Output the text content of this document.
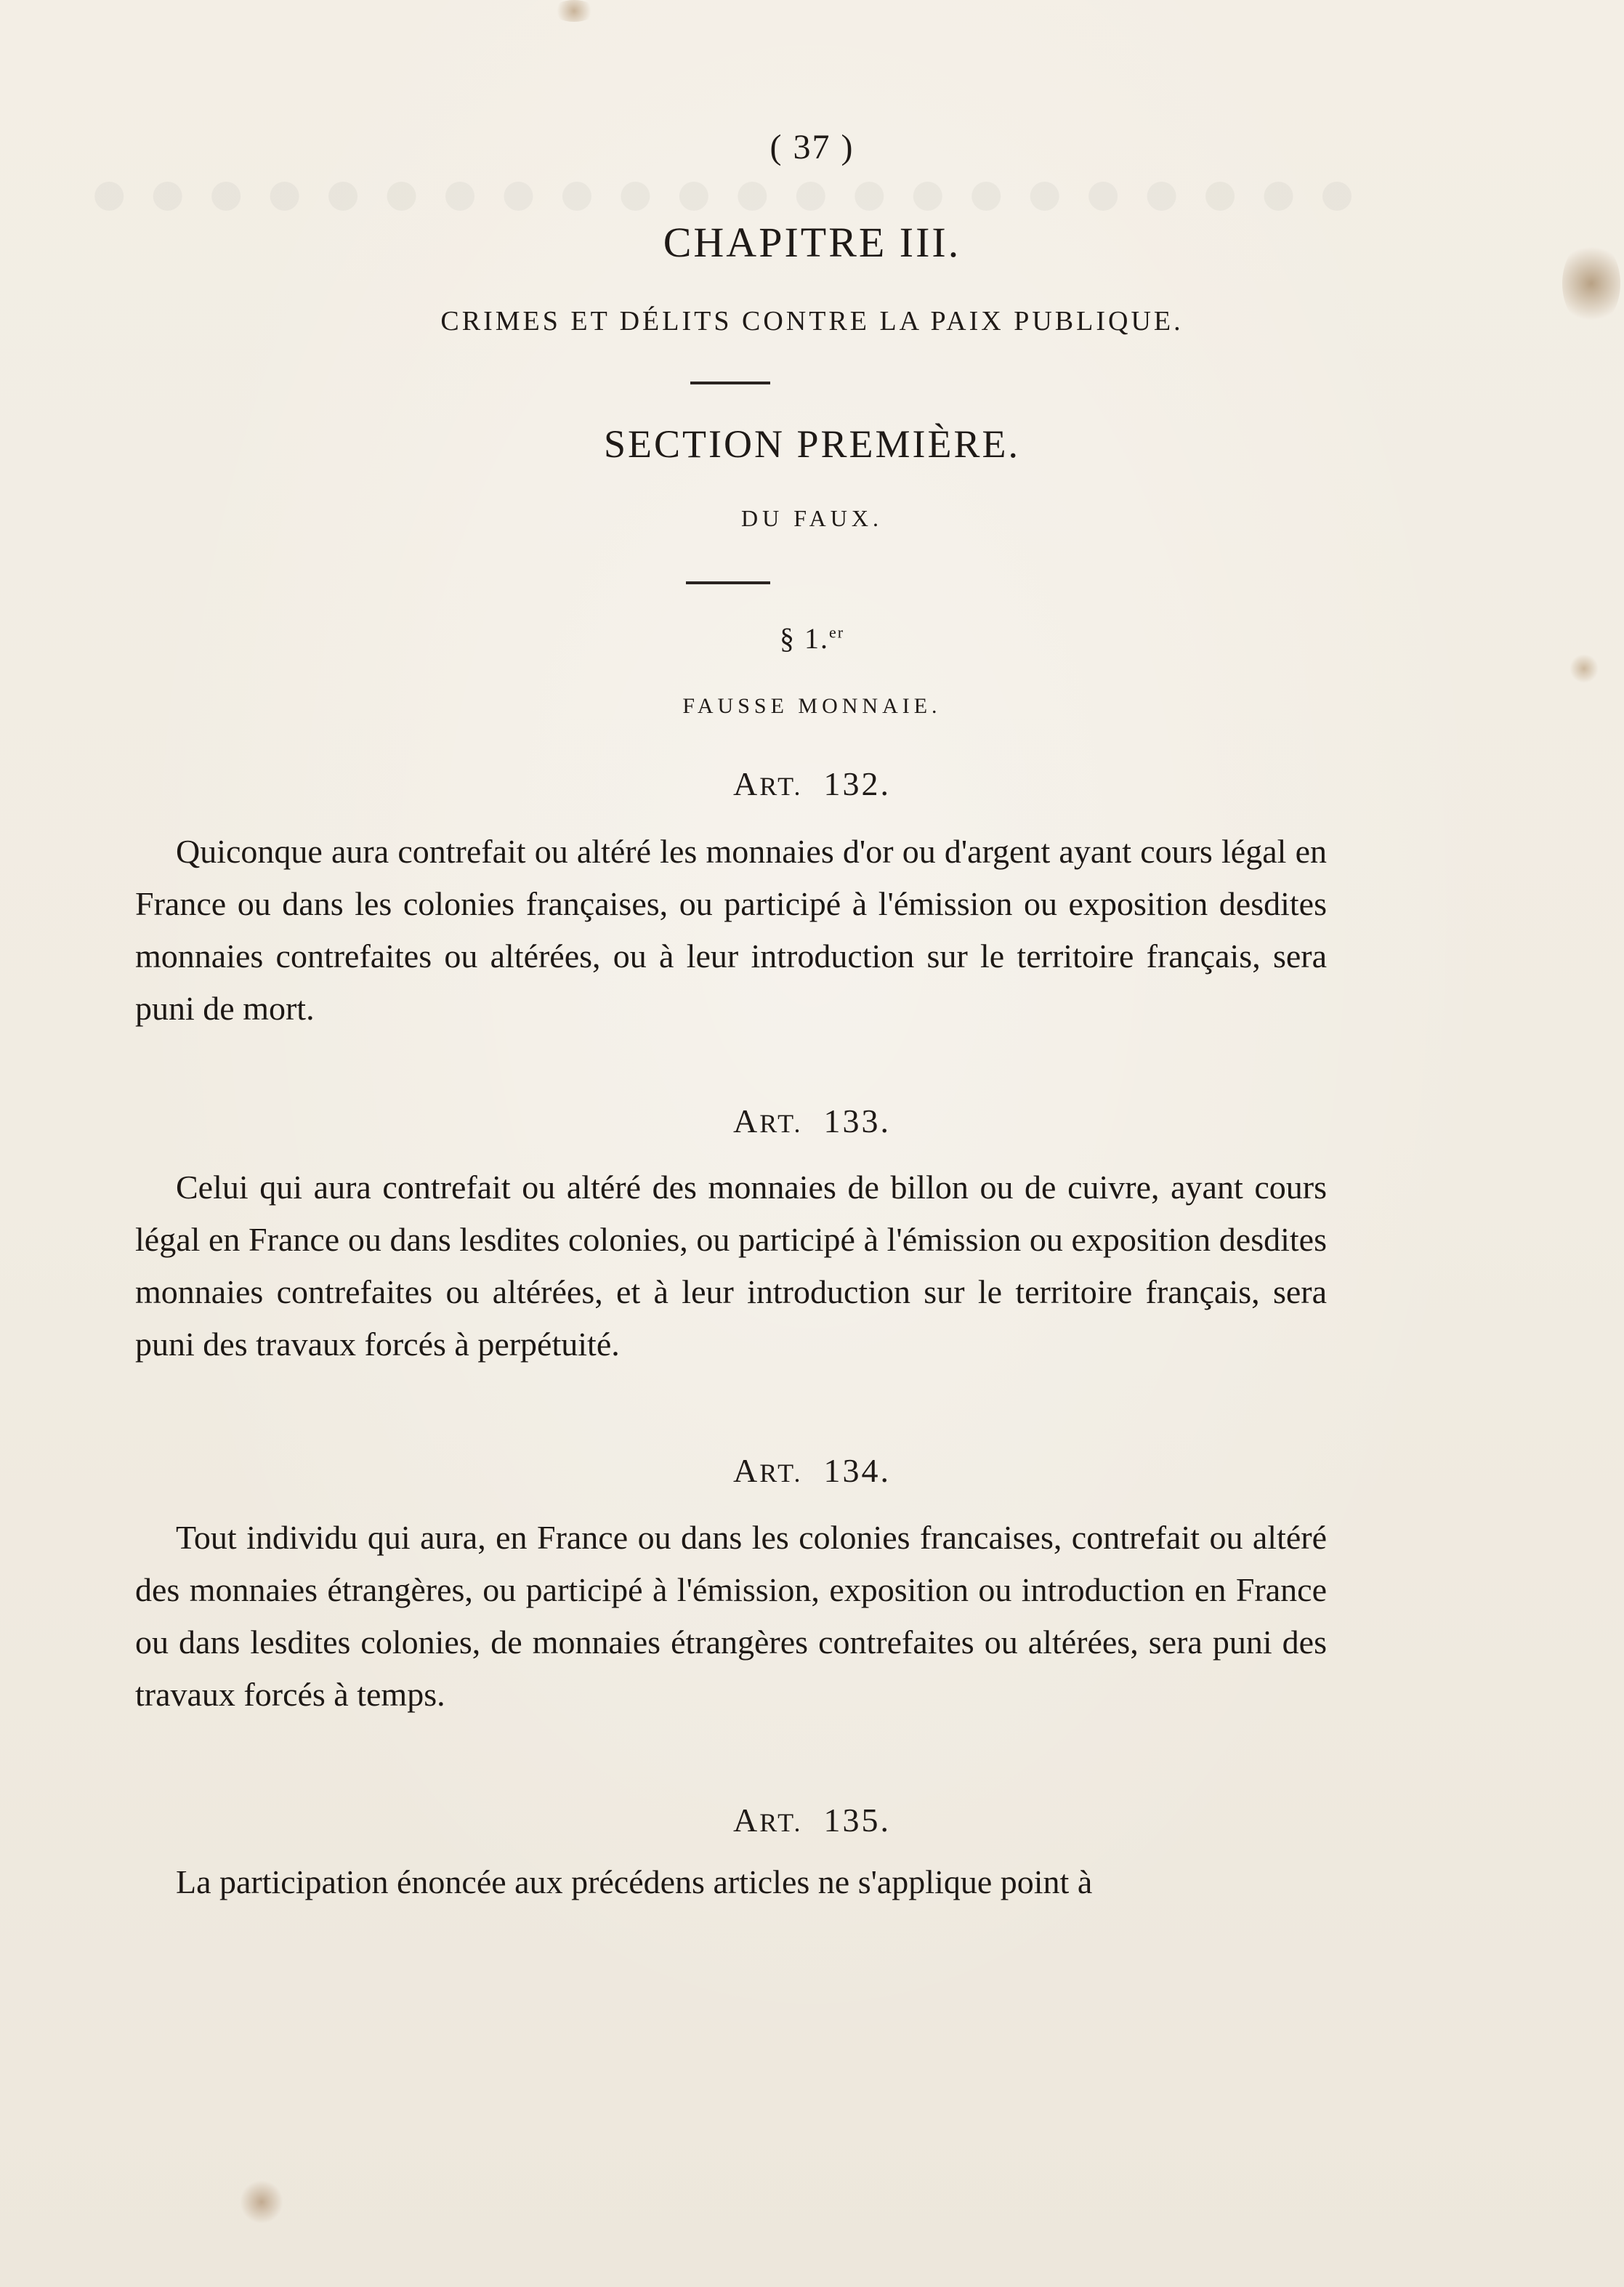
( 37 )
CHAPITRE III.
CRIMES ET DÉLITS CONTRE LA PAIX PUBLIQUE.
SECTION PREMIÈRE.
DU FAUX.
§ 1.$^{er}$
FAUSSE MONNAIE.
ART. 132.

Quiconque aura contrefait ou altéré les monnaies d'or ou d'argent ayant cours légal en France ou dans les colonies françaises, ou participé à l'émission ou exposition desdites monnaies contrefaites ou altérées, ou à leur introduction sur le territoire français, sera puni de mort.

ART. 133.

Celui qui aura contrefait ou altéré des monnaies de billon ou de cuivre, ayant cours légal en France ou dans lesdites colonies, ou participé à l'émission ou exposition desdites monnaies contrefaites ou altérées, et à leur introduction sur le territoire français, sera puni des travaux forcés à perpétuité.

ART. 134.

Tout individu qui aura, en France ou dans les colonies francaises, contrefait ou altéré des monnaies étrangères, ou participé à l'émission, exposition ou introduction en France ou dans lesdites colonies, de monnaies étrangères contrefaites ou altérées, sera puni des travaux forcés à temps.

ART. 135.

La participation énoncée aux précédens articles ne s'applique point à
